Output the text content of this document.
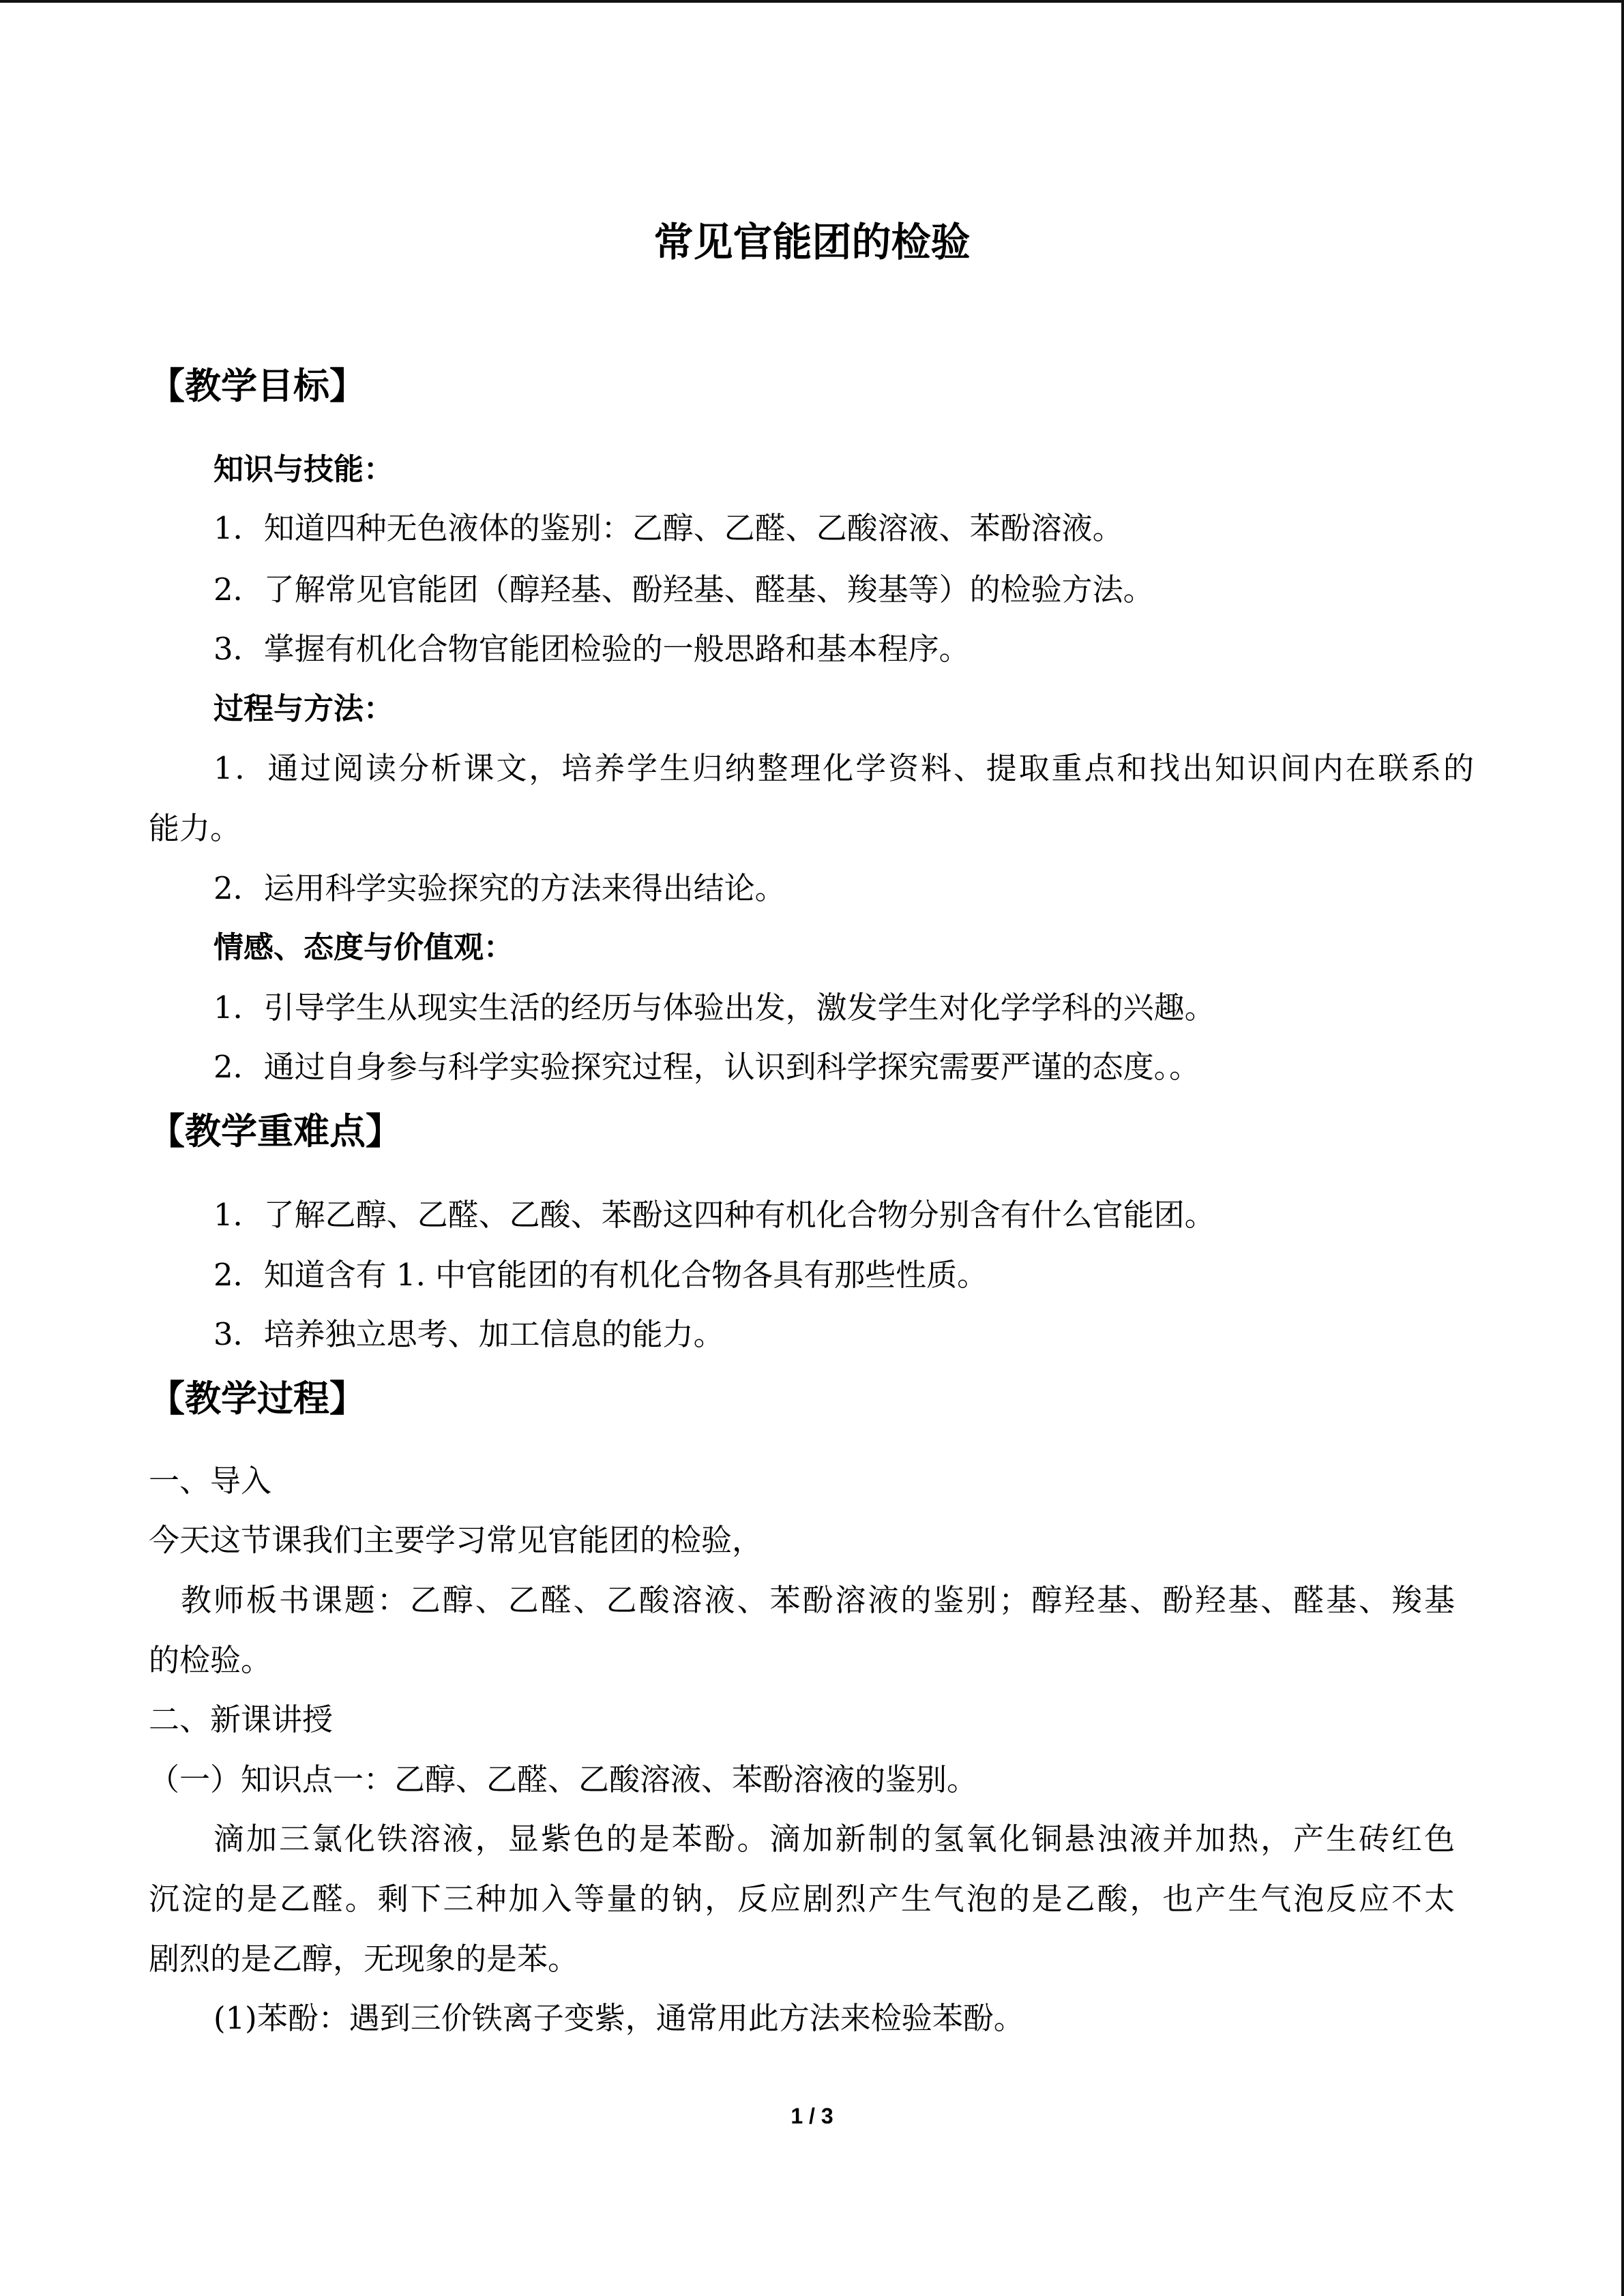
常见官能团的检验
【教学目标】
知识与技能：
1．知道四种无色液体的鉴别：乙醇、乙醛、乙酸溶液、苯酚溶液。
2．了解常见官能团（醇羟基、酚羟基、醛基、羧基等）的检验方法。
3．掌握有机化合物官能团检验的一般思路和基本程序。
过程与方法：
1．通过阅读分析课文，培养学生归纳整理化学资料、提取重点和找出知识间内在联系的
能力。
2．运用科学实验探究的方法来得出结论。
情感、态度与价值观：
1．引导学生从现实生活的经历与体验出发，激发学生对化学学科的兴趣。
2．通过自身参与科学实验探究过程，认识到科学探究需要严谨的态度。。
【教学重难点】
1．了解乙醇、乙醛、乙酸、苯酚这四种有机化合物分别含有什么官能团。
2．知道含有 1. 中官能团的有机化合物各具有那些性质。
3．培养独立思考、加工信息的能力。
【教学过程】
一、导入
今天这节课我们主要学习常见官能团的检验，
教师板书课题：乙醇、乙醛、乙酸溶液、苯酚溶液的鉴别；醇羟基、酚羟基、醛基、羧基
的检验。
二、新课讲授
（一）知识点一：乙醇、乙醛、乙酸溶液、苯酚溶液的鉴别。
滴加三氯化铁溶液，显紫色的是苯酚。滴加新制的氢氧化铜悬浊液并加热，产生砖红色
沉淀的是乙醛。剩下三种加入等量的钠，反应剧烈产生气泡的是乙酸，也产生气泡反应不太
剧烈的是乙醇，无现象的是苯。
(1)苯酚：遇到三价铁离子变紫，通常用此方法来检验苯酚。
1 / 3
